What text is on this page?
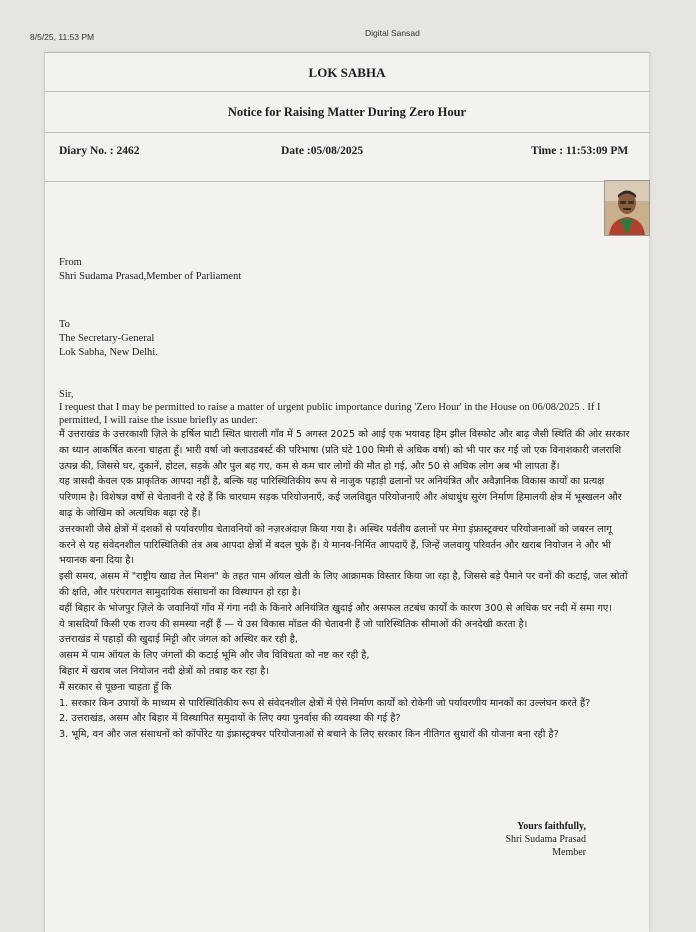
8/5/25, 11:53 PM	Digital Sansad
LOK SABHA
Notice for Raising Matter During Zero Hour
Diary No. : 2462	Date :05/08/2025	Time : 11:53:09 PM
From
Shri Sudama Prasad,Member of Parliament
To
The Secretary-General
Lok Sabha, New Delhi.
Sir,
I request that I may be permitted to raise a matter of urgent public importance during 'Zero Hour' in the House on 06/08/2025 . If I permitted, I will raise the issue briefly as under:
मैं उत्तराखंड के उत्तरकाशी ज़िले के हर्षिल घाटी स्थित धाराली गाँव में 5 अगस्त 2025 को आई एक भयावह हिम झील विस्फोट और बाढ़ जैसी स्थिति की ओर सरकार का ध्यान आकर्षित करना चाहता हूँ। भारी वर्षा जो क्लाउडबर्स्ट की परिभाषा (प्रति घंटे 100 मिमी से अधिक वर्षा) को भी पार कर गई जो एक विनाशकारी जलराशि उत्पन्न की, जिससे घर, दुकानें, होटल, सड़कें और पुल बह गए, कम से कम चार लोगों की मौत हो गई, और 50 से अधिक लोग अब भी लापता हैं।
यह त्रासदी केवल एक प्राकृतिक आपदा नहीं है, बल्कि यह पारिस्थितिकीय रूप से नाजुक पहाड़ी ढलानों पर अनियंत्रित और अवैज्ञानिक विकास कार्यों का प्रत्यक्ष परिणाम है। विशेषज्ञ वर्षों से चेतावनी दे रहे हैं कि चारधाम सड़क परियोजनाएँ, कई जलविद्युत परियोजनाएँ और अंधाधुंध सुरंग निर्माण हिमालयी क्षेत्र में भूस्खलन और बाढ़ के जोखिम को अत्यधिक बढ़ा रहे हैं।
उत्तरकाशी जैसे क्षेत्रों में दशकों से पर्यावरणीय चेतावनियों को नज़रअंदाज़ किया गया है। अस्थिर पर्वतीय ढलानों पर मेगा इंफ्रास्ट्रक्चर परियोजनाओं को जबरन लागू करने से यह संवेदनशील पारिस्थितिकी तंत्र अब आपदा क्षेत्रों में बदल चुके हैं। ये मानव-निर्मित आपदाएँ हैं, जिन्हें जलवायु परिवर्तन और खराब नियोजन ने और भी भयानक बना दिया है।
इसी समय, असम में "राष्ट्रीय खाद्य तेल मिशन" के तहत पाम ऑयल खेती के लिए आक्रामक विस्तार किया जा रहा है, जिससे बड़े पैमाने पर वनों की कटाई, जल स्रोतों की क्षति, और परंपरागत सामुदायिक संसाधनों का विस्थापन हो रहा है।
वहीं बिहार के भोजपुर ज़िले के जवानियाँ गाँव में गंगा नदी के किनारे अनियंत्रित खुदाई और असफल तटबंध कार्यों के कारण 300 से अधिक घर नदी में समा गए।
ये त्रासदियाँ किसी एक राज्य की समस्या नहीं हैं — ये उस विकास मॉडल की चेतावनी हैं जो पारिस्थितिक सीमाओं की अनदेखी करता है।
उत्तराखंड में पहाड़ों की खुदाई मिट्टी और जंगल को अस्थिर कर रही है,
असम में पाम ऑयल के लिए जंगलों की कटाई भूमि और जैव विविधता को नष्ट कर रही है,
बिहार में खराब जल नियोजन नदी क्षेत्रों को तबाह कर रहा है।
मैं सरकार से पूछना चाहता हूँ कि
1. सरकार किन उपायों के माध्यम से पारिस्थितिकीय रूप से संवेदनशील क्षेत्रों में ऐसे निर्माण कार्यों को रोकेगी जो पर्यावरणीय मानकों का उल्लंघन करते हैं?
2. उत्तराखंड, असम और बिहार में विस्थापित समुदायों के लिए क्या पुनर्वास की व्यवस्था की गई है?
3. भूमि, वन और जल संसाधनों को कॉर्पोरेट या इंफ्रास्ट्रक्चर परियोजनाओं से बचाने के लिए सरकार किन नीतिगत सुधारों की योजना बना रही है?
Yours faithfully,
Shri Sudama Prasad
Member
